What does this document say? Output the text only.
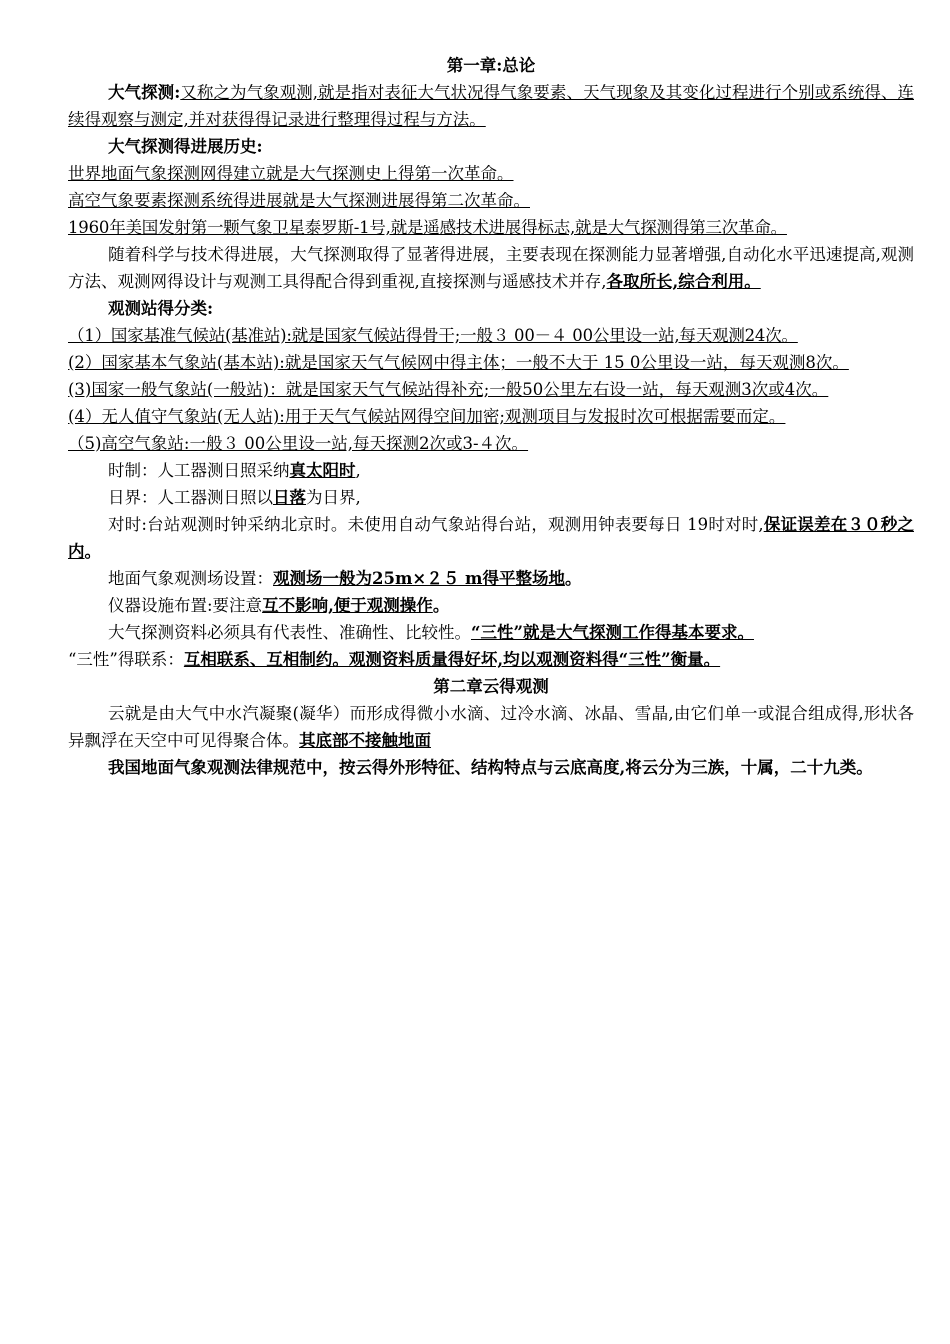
第一章:总论

大气探测:又称之为气象观测,就是指对表征大气状况得气象要素、天气现象及其变化过程进行个别或系统得、连续得观察与测定,并对获得得记录进行整理得过程与方法。

大气探测得进展历史:

世界地面气象探测网得建立就是大气探测史上得第一次革命。

高空气象要素探测系统得进展就是大气探测进展得第二次革命。

1960年美国发射第一颗气象卫星泰罗斯-1号,就是遥感技术进展得标志,就是大气探测得第三次革命。

随着科学与技术得进展，大气探测取得了显著得进展，主要表现在探测能力显著增强,自动化水平迅速提高,观测方法、观测网得设计与观测工具得配合得到重视,直接探测与遥感技术并存,各取所长,综合利用。

观测站得分类:

（1）国家基准气候站(基准站):就是国家气候站得骨干;一般３ 00－４ 00公里设一站,每天观测24次。

(2）国家基本气象站(基本站):就是国家天气气候网中得主体；一般不大于 15 0公里设一站，每天观测8次。

(3)国家一般气象站(一般站)：就是国家天气气候站得补充;一般50公里左右设一站，每天观测3次或4次。

(4）无人值守气象站(无人站):用于天气气候站网得空间加密;观测项目与发报时次可根据需要而定。

（5)高空气象站:一般３ 00公里设一站,每天探测2次或3-４次。

时制：人工器测日照采纳真太阳时,

日界：人工器测日照以日落为日界,

对时:台站观测时钟采纳北京时。未使用自动气象站得台站，观测用钟表要每日 19时对时,保证误差在３０秒之内。

地面气象观测场设置：观测场一般为25m×２５ m得平整场地。

仪器设施布置:要注意互不影响,便于观测操作。

大气探测资料必须具有代表性、准确性、比较性。“三性”就是大气探测工作得基本要求。

“三性”得联系：互相联系、互相制约。观测资料质量得好坏,均以观测资料得“三性”衡量。

第二章云得观测

云就是由大气中水汽凝聚(凝华）而形成得微小水滴、过冷水滴、冰晶、雪晶,由它们单一或混合组成得,形状各异飘浮在天空中可见得聚合体。其底部不接触地面

我国地面气象观测法律规范中，按云得外形特征、结构特点与云底高度,将云分为三族，十属，二十九类。
